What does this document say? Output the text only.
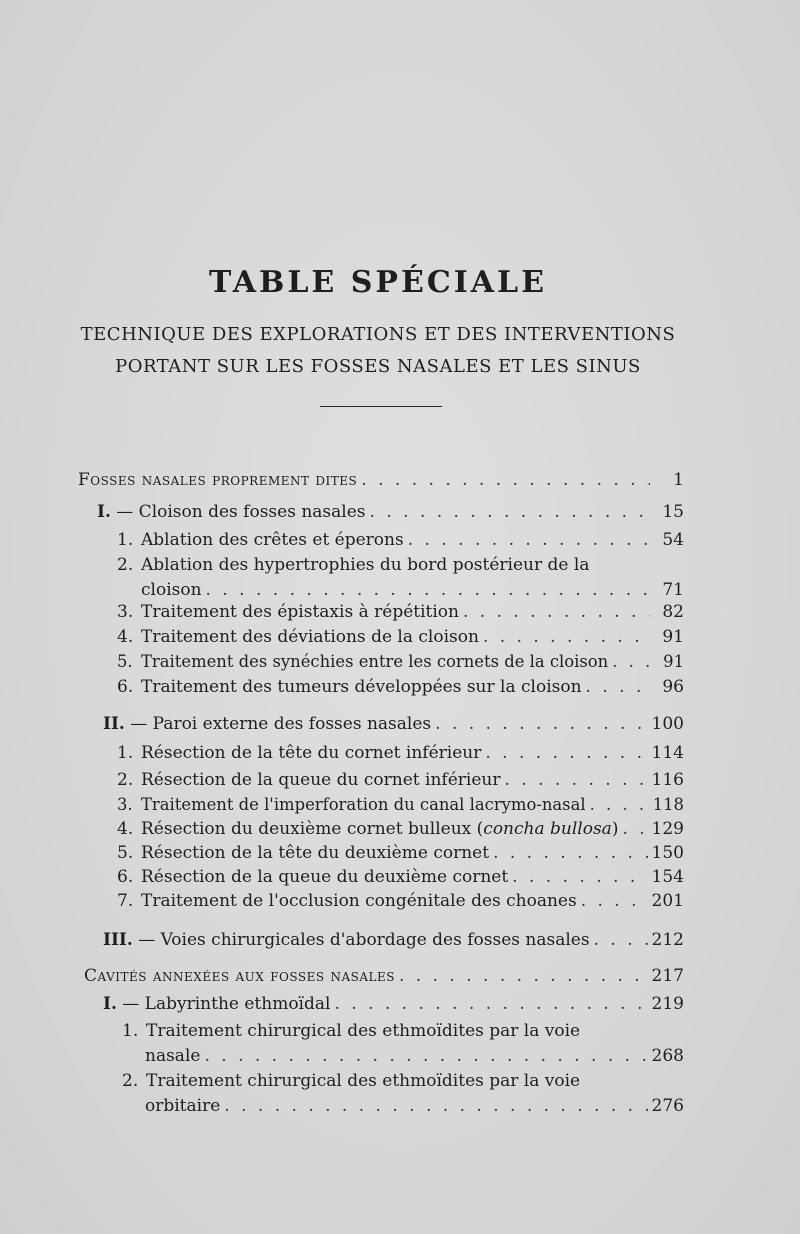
TABLE SPÉCIALE

TECHNIQUE DES EXPLORATIONS ET DES INTERVENTIONS

PORTANT SUR LES FOSSES NASALES ET LES SINUS

Fosses nasales proprement dites . . .	1
I. — Cloison des fosses nasales . . .	15
1. Ablation des crêtes et éperons . . .	54
2. Ablation des hypertrophies du bord postérieur de la
cloison . . .	71
3. Traitement des épistaxis à répétition . . .	82
4. Traitement des déviations de la cloison . . .	91
5. Traitement des synéchies entre les cornets de la cloison . . .	91
6. Traitement des tumeurs développées sur la cloison . . .	96
II. — Paroi externe des fosses nasales . . .	100
1. Résection de la tête du cornet inférieur . . .	114
2. Résection de la queue du cornet inférieur . . .	116
3. Traitement de l'imperforation du canal lacrymo-nasal . . .	118
4. Résection du deuxième cornet bulleux (concha bullosa) . . . 129
5. Résection de la tête du deuxième cornet . . .	150
6. Résection de la queue du deuxième cornet . . .	154
7. Traitement de l'occlusion congénitale des choanes . . .	201
III. — Voies chirurgicales d'abordage des fosses nasales . . .	212
Cavités annexées aux fosses nasales . . .	217
I. — Labyrinthe ethmoïdal . . .	219
1. Traitement chirurgical des ethmoïdites par la voie
nasale . . .	268
2. Traitement chirurgical des ethmoïdites par la voie
orbitaire . . .	276
